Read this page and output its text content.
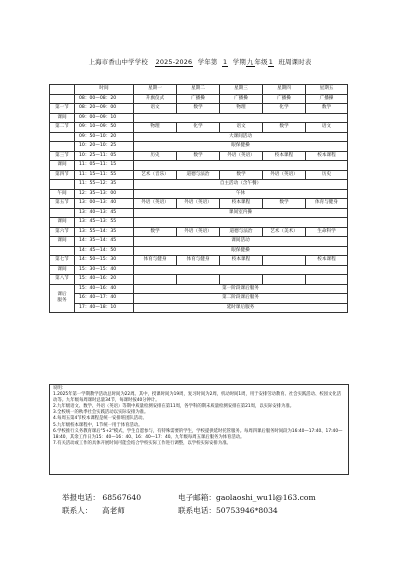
上海市香山中学学校 2025-2026 学年第 1 学期九年级1 班周课时表
	时间	星期一	星期二	星期三	星期四	星期五
	08：00—08：20	升旗仪式	广播操	广播操	广播操	广播操
第一节	08：20—09：00	语文	数学	物理	化学	数学
课间	09：00—09：10					
第二节	09：10—09：50	物理	化学	语文	数学	语文
	09：50—10：20	大课间活动				
	10：20—10：25	眼保健操				
第三节	10：25—11：05	历史	数学	外语（英语）	校本课程	校本课程
课间	11：05—11：15					
第四节	11：15—11：55	艺术（音乐）	道德与法治	数学	外语（英语）	历史
	11：55—12：35	自主活动（含午餐）				
午间	12：35—13：00	午休				
第五节	13：00—13：40	外语（英语）	外语（英语）	校本课程	数学	体育与健身
	13：40—13：45	课间室内操				
课间	13：45—13：55					
第六节	13：55—14：35	数学	外语（英语）	道德与法治	艺术（美术）	生命科学
课间	14：35—14：45	课间活动				
	14：45—14：50	眼保健操				
第七节	14：50—15：30	体育与健身	体育与健身	校本课程		校本课程
课间	15：30—15：40					
第八节	15：40—16：20					
课后
服务	15：40—16：40	第一阶段课后服务				
	16：40—17：40	第二阶段课后服务				
	17：40—18：10	延时课后服务				
说明：
1.2025年第一学期教学活动总时间为22周。其中，授课时间为19周，复习时间为2周，机动时间1周，用于安排劳动教育、社会实践活动、校园文化活动等。九年级每周课时总量34节，每课时按40分钟计。
2.九年级语文、数学、外语（英语）等期中质量检测安排在第11周，各学科的期末质量检测安排在第21周，以实际安排为准。
3.全校统一的秋季社会实践活动以实际安排为准。
4.每周五第4节校本课程是统一安排班团队活动。
5.九年级校本课程中，1节统一用于体育活动。
6.学校推行义务教育课后"5+2"模式，学生自愿参与，有特殊需要的学生，学校提供延时托管服务。每周四课后服务时间段为16:40—17:40、17:40—18:40，其余工作日为15：40—16：40、16：40—17：40。九年级每周五课后服务为体育活动。
7.有关活动或工作的具体开展时间可能会结合学校实际工作进行调整，以学校实际安排为准。
举报电话： 68567640	电子邮箱：gaolaoshi_wu1l@163.com
联系人： 高老师	联系电话：50753946*8034
